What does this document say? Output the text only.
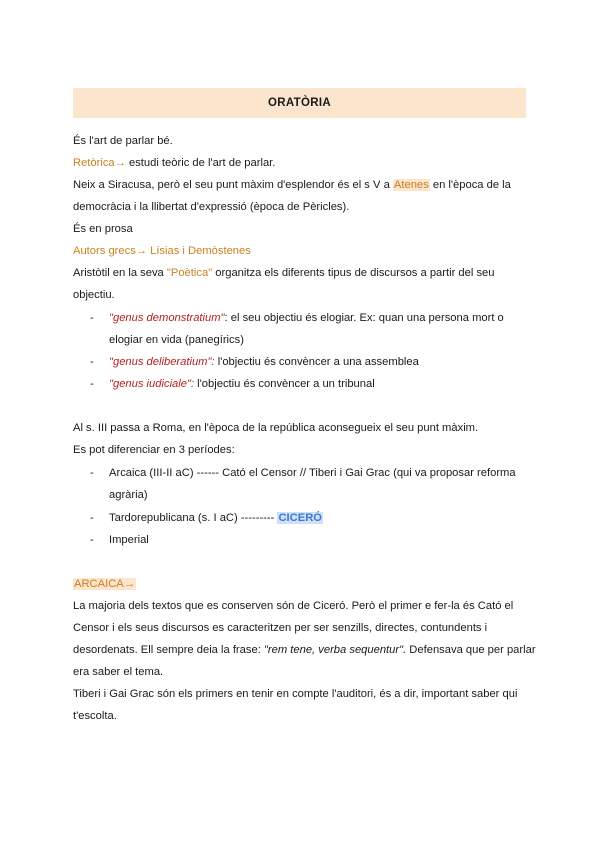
ORATÒRIA
És l'art de parlar bé.
Retòrica→ estudi teòric de l'art de parlar.
Neix a Siracusa, però el seu punt màxim d'esplendor és el s V a Atenes en l'època de la
democràcia i la llibertat d'expressió (època de Pèricles).
És en prosa
Autors grecs→ Lísias i Demòstenes
Aristòtil en la seva "Poètica" organitza els diferents tipus de discursos a partir del seu
objectiu.
- "genus demonstratium": el seu objectiu és elogiar. Ex: quan una persona mort o
elogiar en vida (panegírics)
- "genus deliberatium": l'objectiu és convèncer a una assemblea
- "genus iudiciale": l'objectiu és convèncer a un tribunal
Al s. III passa a Roma, en l'època de la república aconsegueix el seu punt màxim.
Es pot diferenciar en 3 períodes:
- Arcaica (III-II aC) ------ Cató el Censor // Tiberi i Gai Grac (qui va proposar reforma
agrària)
- Tardorepublicana (s. I aC) --------- CICERÓ
- Imperial
ARCAICA→
La majoria dels textos que es conserven són de Ciceró. Però el primer e fer-la és Cató el
Censor i els seus discursos es caracteritzen per ser senzills, directes, contundents i
desordenats. Ell sempre deia la frase: "rem tene, verba sequentur". Defensava que per parlar
era saber el tema.
Tiberi i Gai Grac són els primers en tenir en compte l'auditori, és a dir, important saber qui
t'escolta.
